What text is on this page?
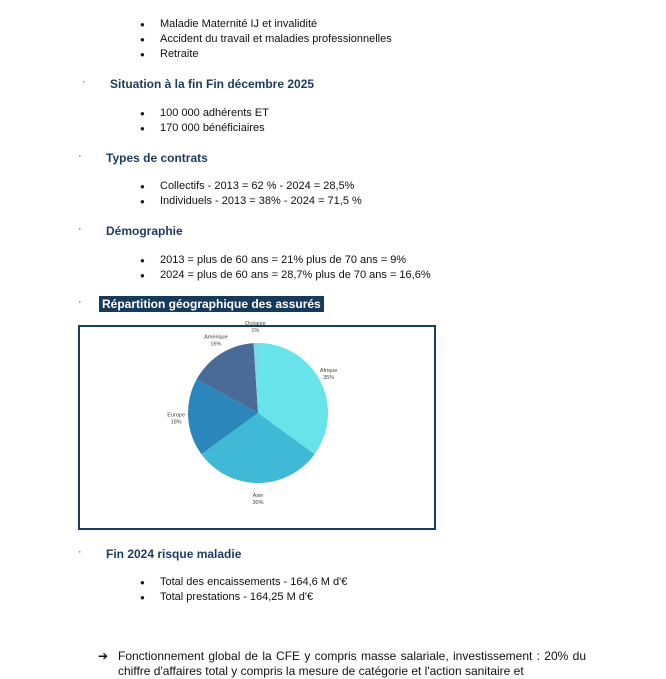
● Maladie Maternité IJ et invalidité
● Accident du travail et maladies professionnelles
● Retraite
· Situation à la fin Fin décembre 2025
● 100 000 adhérents ET
● 170 000 bénéficiaires
· Types de contrats
● Collectifs - 2013 = 62 % - 2024 = 28,5%
● Individuels - 2013 = 38% - 2024 = 71,5 %
· Démographie
● 2013 = plus de 60 ans = 21% plus de 70 ans = 9%
● 2024 = plus de 60 ans = 28,7% plus de 70 ans = 16,6%
· Répartition géographique des assurés
Afrique
35%
Asie
30%
Europe
18%
Amérique
16%
Océanie
1%
· Fin 2024 risque maladie
● Total des encaissements - 164,6 M d'€
● Total prestations - 164,25 M d'€
➔ Fonctionnement global de la CFE y compris masse salariale, investissement : 20% du chiffre d'affaires total y compris la mesure de catégorie et l'action sanitaire et
